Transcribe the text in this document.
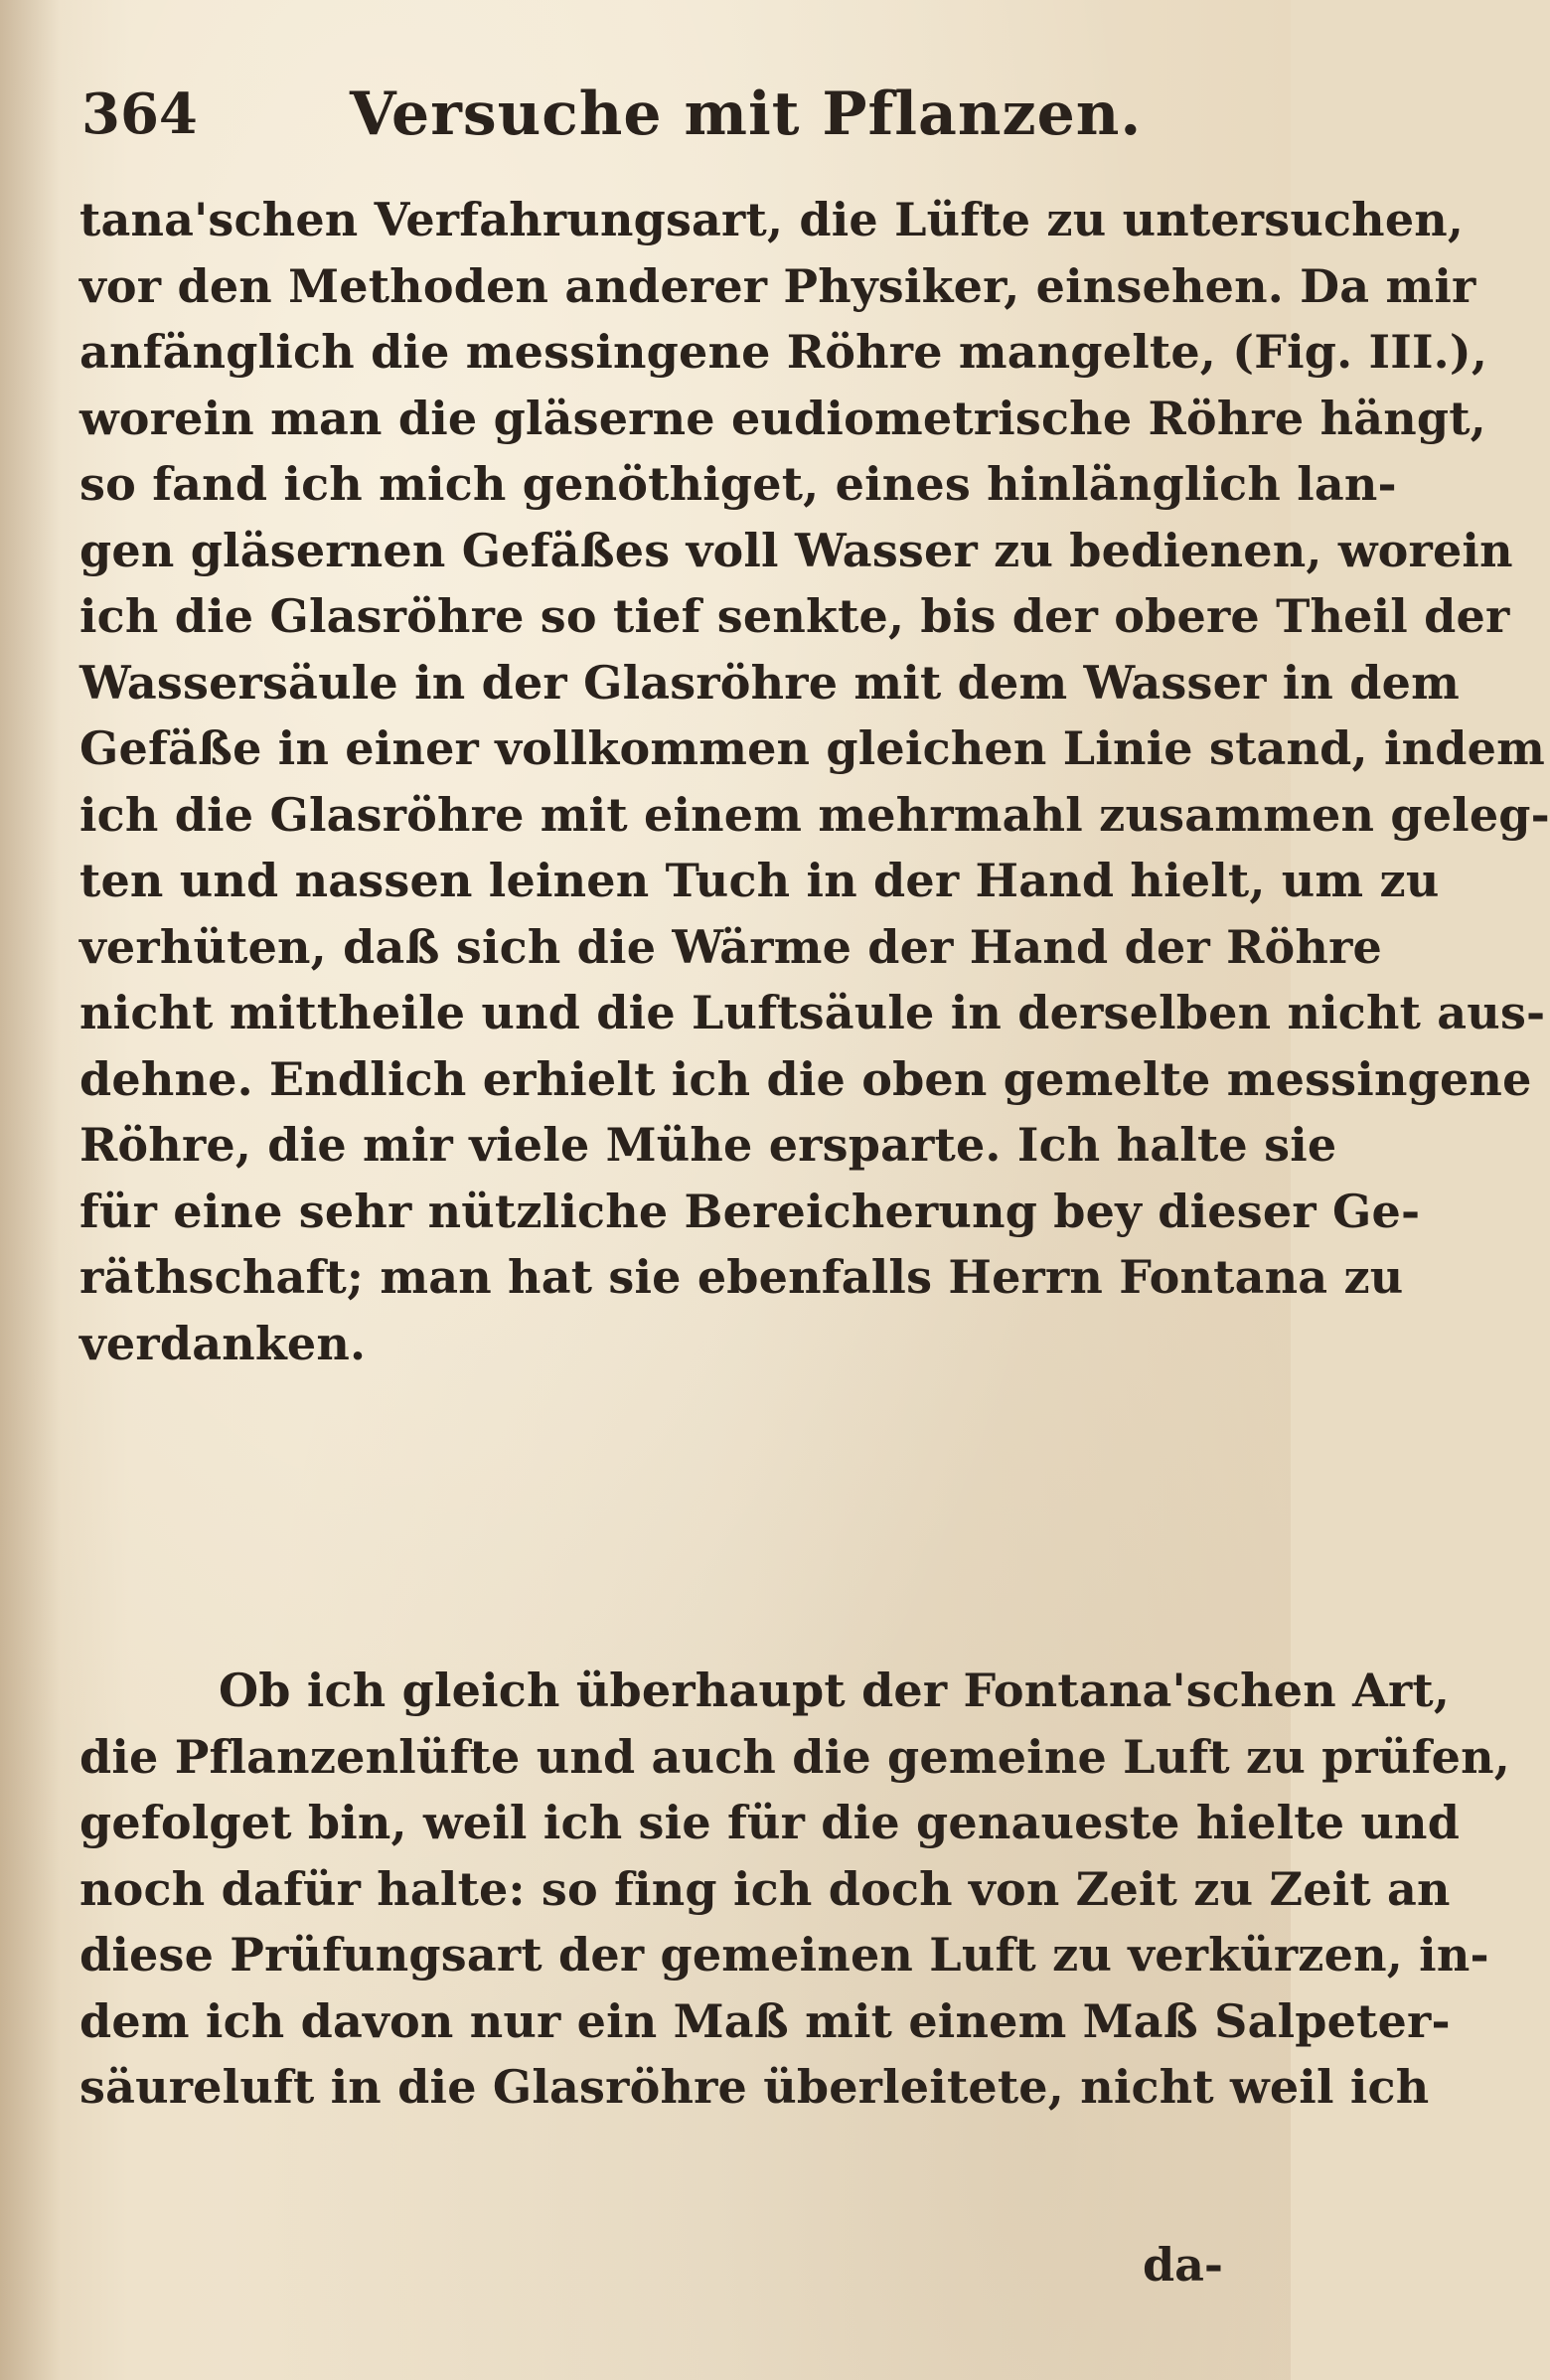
364	Versuche mit Pflanzen.
tana'schen Verfahrungsart, die Lüfte zu untersuchen,
vor den Methoden anderer Physiker, einsehen. Da mir
anfänglich die messingene Röhre mangelte, (Fig. III.),
worein man die gläserne eudiometrische Röhre hängt,
so fand ich mich genöthiget, eines hinlänglich lan-
gen gläsernen Gefäßes voll Wasser zu bedienen, worein
ich die Glasröhre so tief senkte, bis der obere Theil der
Wassersäule in der Glasröhre mit dem Wasser in dem
Gefäße in einer vollkommen gleichen Linie stand, indem
ich die Glasröhre mit einem mehrmahl zusammen geleg-
ten und nassen leinen Tuch in der Hand hielt, um zu
verhüten, daß sich die Wärme der Hand der Röhre
nicht mittheile und die Luftsäule in derselben nicht aus-
dehne. Endlich erhielt ich die oben gemelte messingene
Röhre, die mir viele Mühe ersparte. Ich halte sie
für eine sehr nützliche Bereicherung bey dieser Ge-
räthschaft; man hat sie ebenfalls Herrn Fontana zu
verdanken.
Ob ich gleich überhaupt der Fontana'schen Art,
die Pflanzenlüfte und auch die gemeine Luft zu prüfen,
gefolget bin, weil ich sie für die genaueste hielte und
noch dafür halte: so fing ich doch von Zeit zu Zeit an
diese Prüfungsart der gemeinen Luft zu verkürzen, in-
dem ich davon nur ein Maß mit einem Maß Salpeter-
säureluft in die Glasröhre überleitete, nicht weil ich
da-
